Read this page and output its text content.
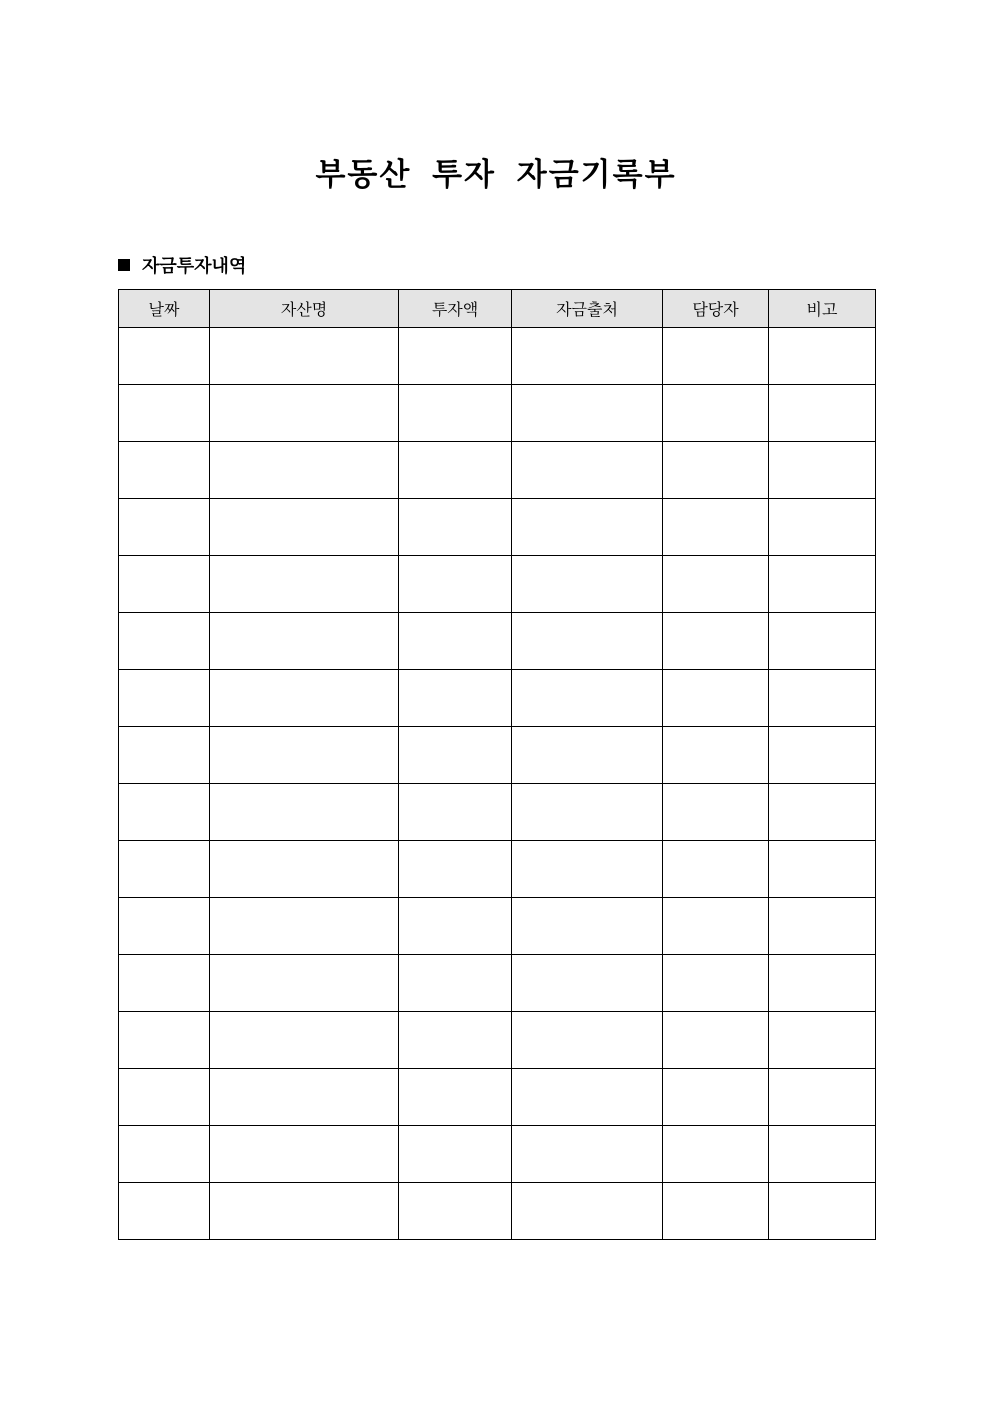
부동산 투자 자금기록부
자금투자내역
날짜	자산명	투자액	자금출처	담당자	비고
